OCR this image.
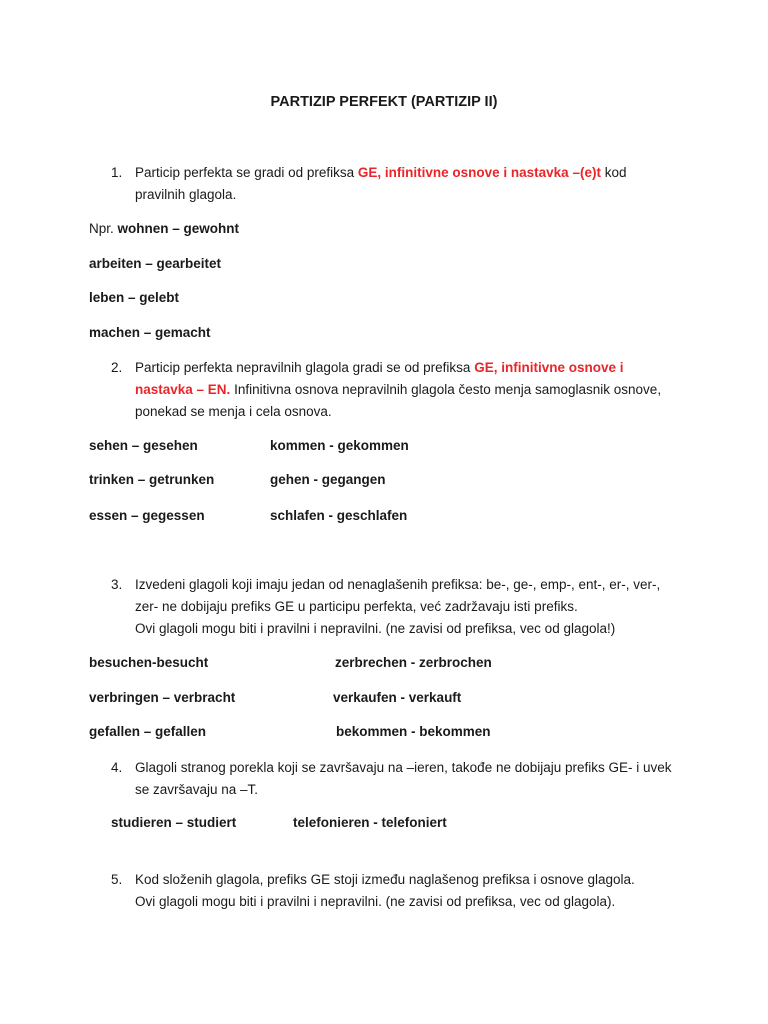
PARTIZIP PERFEKT (PARTIZIP II)
1. Particip perfekta se gradi od prefiksa GE, infinitivne osnove i nastavka –(e)t kod
pravilnih glagola.
Npr. wohnen – gewohnt
arbeiten – gearbeitet
leben – gelebt
machen – gemacht
2. Particip perfekta nepravilnih glagola gradi se od prefiksa GE, infinitivne osnove i
nastavka – EN. Infinitivna osnova nepravilnih glagola često menja samoglasnik osnove,
ponekad se menja i cela osnova.
sehen – gesehen	kommen - gekommen
trinken – getrunken	gehen - gegangen
essen – gegessen	schlafen - geschlafen
3. Izvedeni glagoli koji imaju jedan od nenaglašenih prefiksa: be-, ge-, emp-, ent-, er-, ver-,
zer- ne dobijaju prefiks GE u participu perfekta, već zadržavaju isti prefiks.
Ovi glagoli mogu biti i pravilni i nepravilni. (ne zavisi od prefiksa, vec od glagola!)
besuchen-besucht	zerbrechen - zerbrochen
verbringen – verbracht	verkaufen - verkauft
gefallen – gefallen	bekommen - bekommen
4. Glagoli stranog porekla koji se završavaju na –ieren, takođe ne dobijaju prefiks GE- i uvek
se završavaju na –T.
studieren – studiert	telefonieren - telefoniert
5. Kod složenih glagola, prefiks GE stoji između naglašenog prefiksa i osnove glagola.
Ovi glagoli mogu biti i pravilni i nepravilni. (ne zavisi od prefiksa, vec od glagola).
